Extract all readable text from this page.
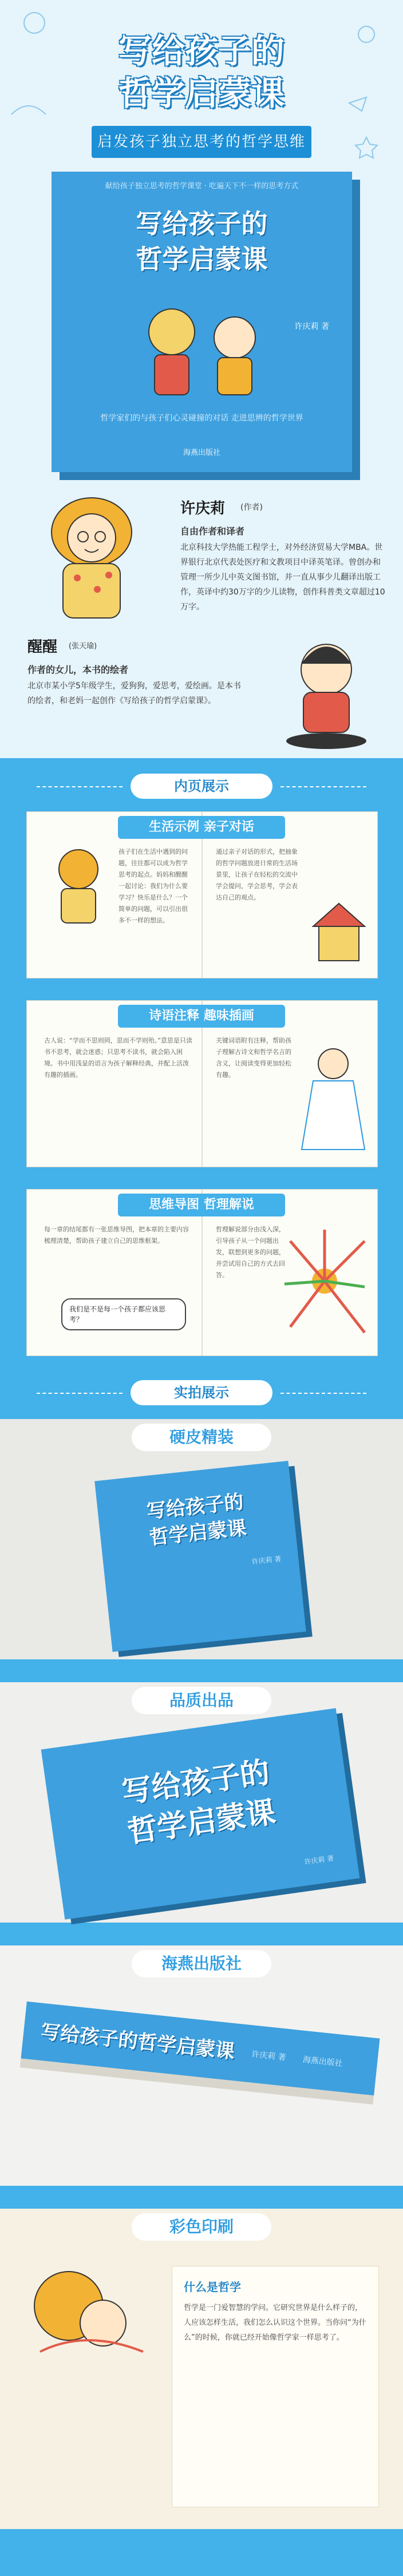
写给孩子的
哲学启蒙课
启发孩子独立思考的哲学思维
献给孩子独立思考的哲学课堂 · 吃遍天下不一样的思考方式
写给孩子的
哲学启蒙课
许庆莉 著
哲学家们的与孩子们心灵碰撞的对话 走进思辨的哲学世界
海燕出版社
许庆莉 (作者)
自由作者和译者
北京科技大学热能工程学士，对外经济贸易大学MBA。世界银行北京代表处医疗和文教项目中译英笔译。曾创办和管理一所少儿中英文图书馆，并一直从事少儿翻译出版工作，英译中约30万字的少儿读物，创作科普类文章超过10万字。
醒醒 (张天瑜)
作者的女儿，本书的绘者
北京市某小学5年级学生，爱狗狗，爱思考，爱绘画。是本书的绘者，和老妈一起创作《写给孩子的哲学启蒙课》。
内页展示
孩子们在生活中遇到的问题，往往都可以成为哲学思考的起点。妈妈和醒醒一起讨论：我们为什么要学习？快乐是什么？一个简单的问题，可以引出很多不一样的想法。
通过亲子对话的形式，把抽象的哲学问题放进日常的生活场景里，让孩子在轻松的交流中学会提问，学会思考，学会表达自己的观点。
生活示例 亲子对话
古人说：“学而不思则罔，思而不学则殆。”意思是只读书不思考，就会迷惑；只思考不读书，就会陷入困境。书中用浅显的语言为孩子解释经典，并配上活泼有趣的插画。
关键词语附有注释，帮助孩子理解古诗文和哲学名言的含义，让阅读变得更加轻松有趣。
诗语注释 趣味插画
每一章的结尾都有一张思维导图，把本章的主要内容梳理清楚，帮助孩子建立自己的思维框架。
我们是不是每一个孩子都应该思考？
哲理解说部分由浅入深，引导孩子从一个问题出发，联想到更多的问题，并尝试用自己的方式去回答。
思维导图 哲理解说
实拍展示
硬皮精装
写给孩子的
哲学启蒙课
许庆莉 著
品质出品
写给孩子的
哲学启蒙课
许庆莉 著
海燕出版社
写给孩子的哲学启蒙课 许庆莉 著 海燕出版社
彩色印刷
什么是哲学
哲学是一门爱智慧的学问。它研究世界是什么样子的，人应该怎样生活，我们怎么认识这个世界。当你问“为什么”的时候，你就已经开始像哲学家一样思考了。
